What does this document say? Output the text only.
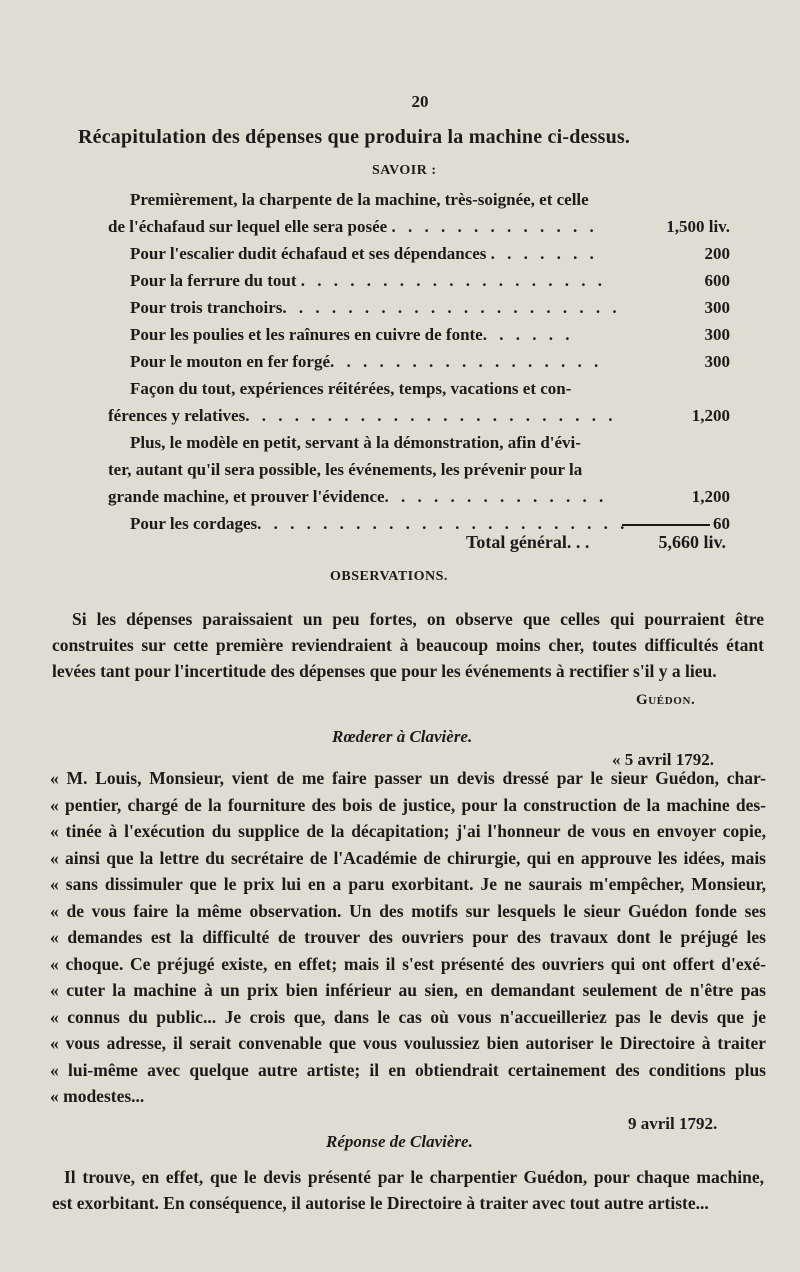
20
Récapitulation des dépenses que produira la machine ci-dessus.
SAVOIR :
Premièrement, la charpente de la machine, très-soignée, et celle
de l'échafaud sur lequel elle sera posée . . . . . . . . . . . . .	1,500 liv.
Pour l'escalier dudit échafaud et ses dépendances . . . . . . .	200
Pour la ferrure du tout . . . . . . . . . . . . . . . . . . .	600
Pour trois tranchoirs. . . . . . . . . . . . . . . . . . . . .	300
Pour les poulies et les raînures en cuivre de fonte. . . . . .	300
Pour le mouton en fer forgé. . . . . . . . . . . . . . . . .	300
Façon du tout, expériences réitérées, temps, vacations et con-
férences y relatives. . . . . . . . . . . . . . . . . . . . . . .	1,200
Plus, le modèle en petit, servant à la démonstration, afin d'évi-
ter, autant qu'il sera possible, les événements, les prévenir pour la
grande machine, et prouver l'évidence. . . . . . . . . . . . . .	1,200
Pour les cordages. . . . . . . . . . . . . . . . . . . . . . .	60
Total général. . .	5,660 liv.
OBSERVATIONS.

Si les dépenses paraissaient un peu fortes, on observe que celles qui pourraient être construites sur cette première reviendraient à beaucoup moins cher, toutes difficultés étant levées tant pour l'incertitude des dépenses que pour les événements à rectifier s'il y a lieu.

Guédon.
Rœderer à Clavière.
« 5 avril 1792.
« M. Louis, Monsieur, vient de me faire passer un devis dressé par le sieur Guédon, char-
« pentier, chargé de la fourniture des bois de justice, pour la construction de la machine des-
« tinée à l'exécution du supplice de la décapitation; j'ai l'honneur de vous en envoyer copie,
« ainsi que la lettre du secrétaire de l'Académie de chirurgie, qui en approuve les idées, mais
« sans dissimuler que le prix lui en a paru exorbitant. Je ne saurais m'empêcher, Monsieur,
« de vous faire la même observation. Un des motifs sur lesquels le sieur Guédon fonde ses
« demandes est la difficulté de trouver des ouvriers pour des travaux dont le préjugé les
« choque. Ce préjugé existe, en effet; mais il s'est présenté des ouvriers qui ont offert d'exé-
« cuter la machine à un prix bien inférieur au sien, en demandant seulement de n'être pas
« connus du public... Je crois que, dans le cas où vous n'accueilleriez pas le devis que je
« vous adresse, il serait convenable que vous voulussiez bien autoriser le Directoire à traiter
« lui-même avec quelque autre artiste; il en obtiendrait certainement des conditions plus
« modestes...
9 avril 1792.
Réponse de Clavière.
Il trouve, en effet, que le devis présenté par le charpentier Guédon, pour chaque machine,
est exorbitant. En conséquence, il autorise le Directoire à traiter avec tout autre artiste...
